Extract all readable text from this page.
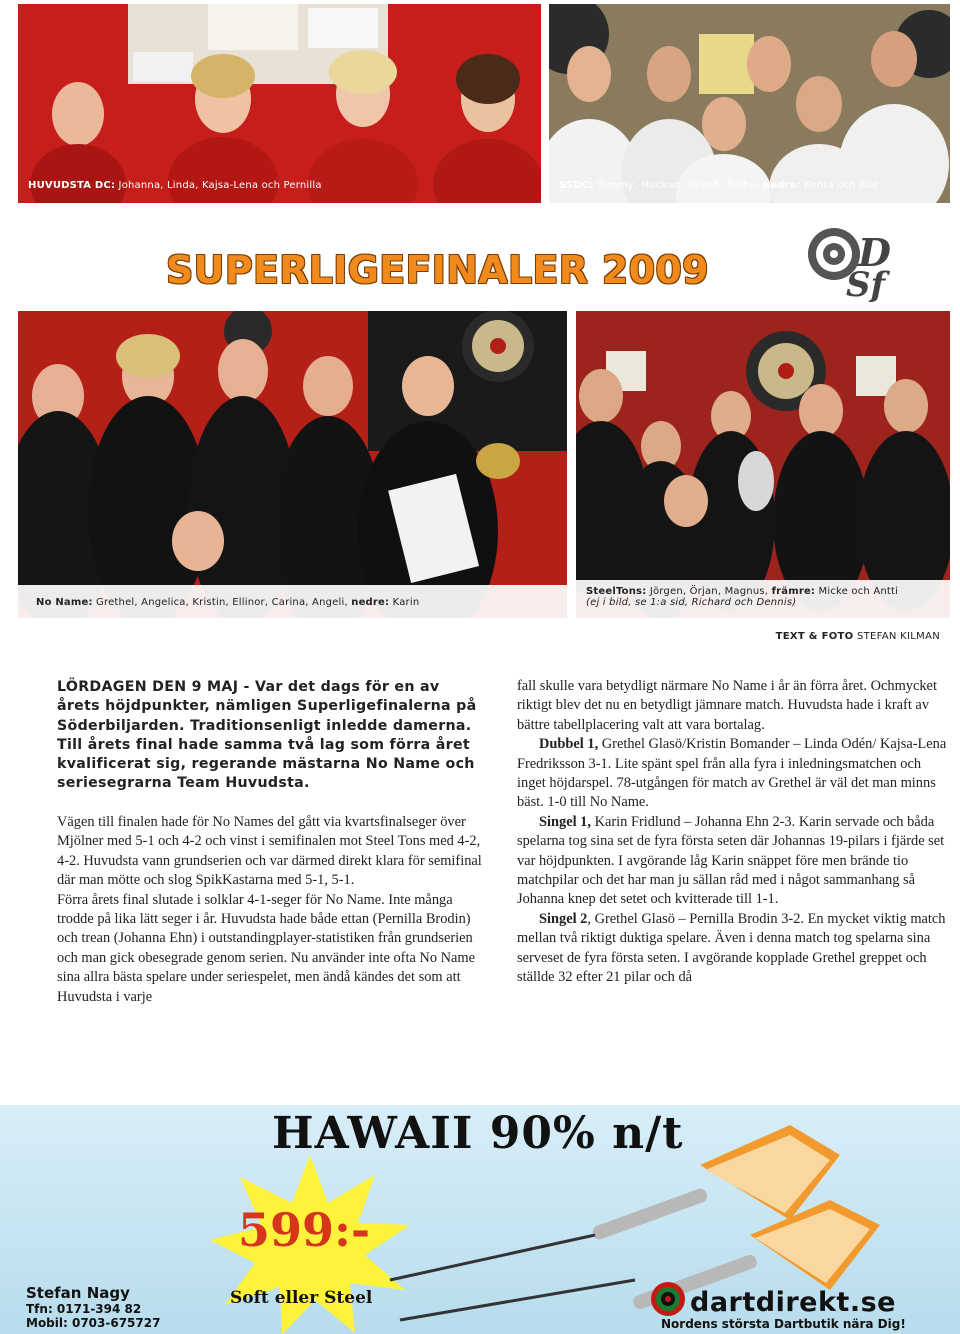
HUVUDSTA DC: Johanna, Linda, Kajsa-Lena och Pernilla	SSDC: Tommy, Mackan, Seved, Tobbe, nedre: Kenta och Alle
SUPERLIGEFINALER 2009	D
Sf
No Name: Grethel, Angelica, Kristin, Ellinor, Carina, Angeli, nedre: Karin
SteelTons: Jörgen, Örjan, Magnus, främre: Micke och Antti
(ej i bild, se 1:a sid, Richard och Dennis)
TEXT & FOTO STEFAN KILMAN
LÖRDAGEN DEN 9 MAJ - Var det dags för en av årets höjdpunkter, nämligen Superligefinalerna på Söderbiljarden. Traditionsenligt inledde damerna. Till årets final hade samma två lag som förra året kvalificerat sig, regerande mästarna No Name och seriesegrarna Team Huvudsta.

Vägen till finalen hade för No Names del gått via kvartsfinalseger över Mjölner med 5-1 och 4-2 och vinst i semifinalen mot Steel Tons med 4-2, 4-2. Huvudsta vann grundserien och var därmed direkt klara för semifinal där man mötte och slog SpikKastarna med 5-1, 5-1.

Förra årets final slutade i solklar 4-1-seger för No Name. Inte många trodde på lika lätt seger i år. Huvudsta hade både ettan (Pernilla Brodin) och trean (Johanna Ehn) i outstandingplayer-statistiken från grundserien och man gick obesegrade genom serien. Nu använder inte ofta No Name sina allra bästa spelare under seriespelet, men ändå kändes det som att Huvudsta i varje

fall skulle vara betydligt närmare No Name i år än förra året. Ochmycket riktigt blev det nu en betydligt jämnare match. Huvudsta hade i kraft av bättre tabellplacering valt att vara bortalag.

Dubbel 1, Grethel Glasö/Kristin Bomander – Linda Odén/ Kajsa-Lena Fredriksson 3-1. Lite spänt spel från alla fyra i inledningsmatchen och inget höjdarspel. 78-utgången för match av Grethel är väl det man minns bäst. 1-0 till No Name.

Singel 1, Karin Fridlund – Johanna Ehn 2-3. Karin servade och båda spelarna tog sina set de fyra första seten där Johannas 19-pilars i fjärde set var höjdpunkten. I avgörande låg Karin snäppet före men brände tio matchpilar och det har man ju sällan råd med i något sammanhang så Johanna knep det setet och kvitterade till 1-1.

Singel 2, Grethel Glasö – Pernilla Brodin 3-2. En mycket viktig match mellan två riktigt duktiga spelare. Även i denna match tog spelarna sina serveset de fyra första seten. I avgörande kopplade Grethel greppet och ställde 32 efter 21 pilar och då

HAWAII 90% n/t
599:-
Stefan Nagy
Tfn: 0171-394 82
Mobil: 0703-675727
Soft eller Steel	dartdirekt.se
Nordens största Dartbutik nära Dig!
